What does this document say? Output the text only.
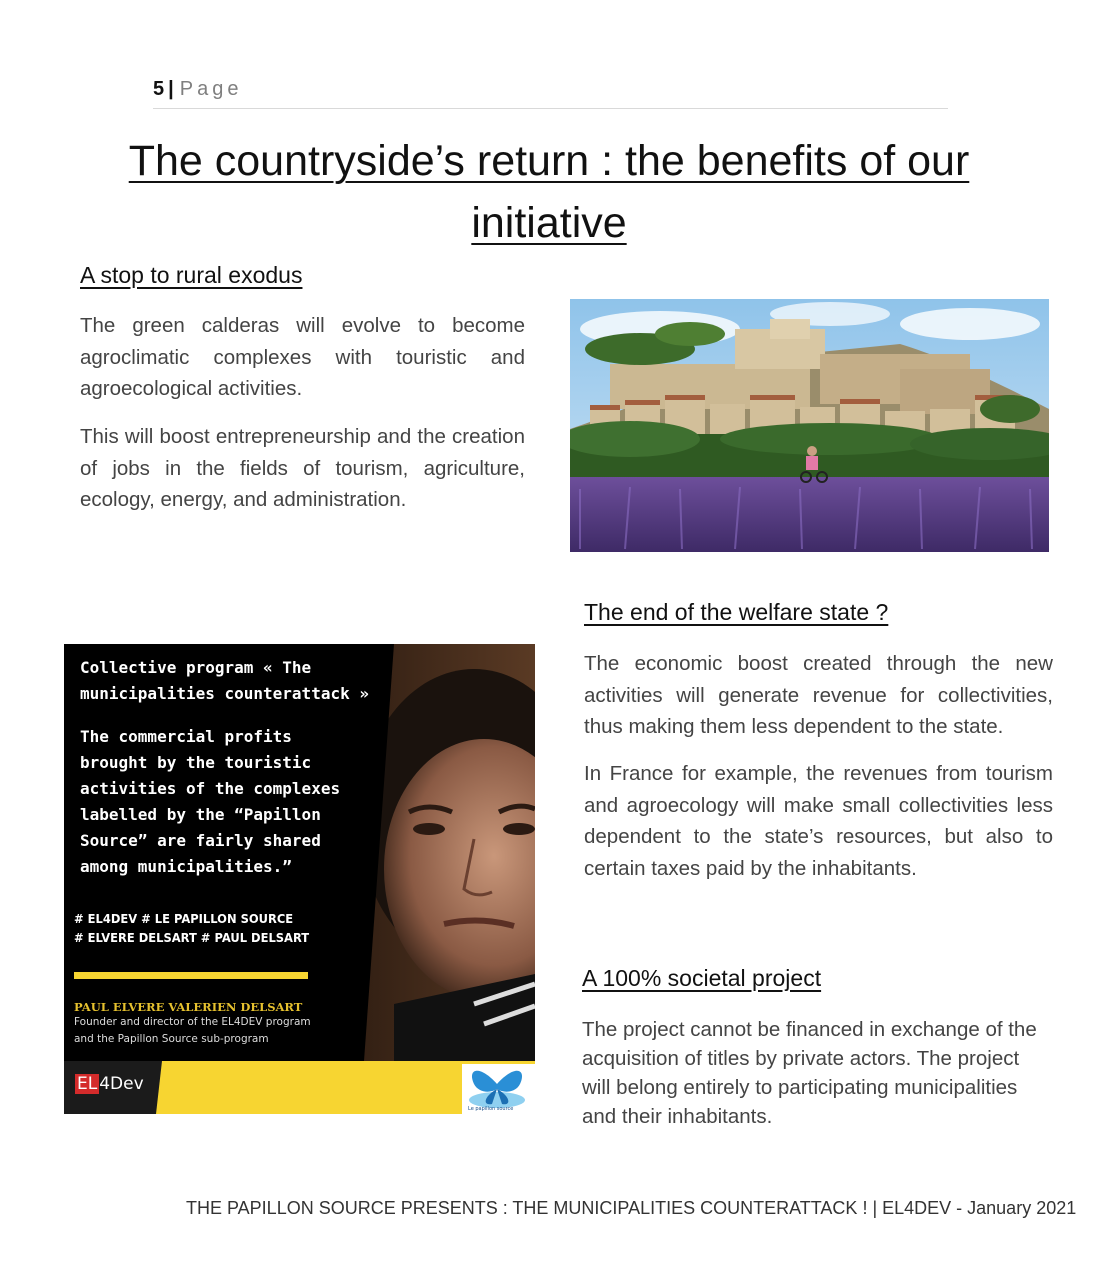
5 | Page
The countryside’s return : the benefits of our initiative
A stop to rural exodus

The green calderas will evolve to become agroclimatic complexes with touristic and agroecological activities.

This will boost entrepreneurship and the creation of jobs in the fields of tourism, agriculture, ecology, energy, and administration.

The end of the welfare state ?

The economic boost created through the new activities will generate revenue for collectivities, thus making them less dependent to the state.

In France for example, the revenues from tourism and agroecology will make small collectivities less dependent to the state’s resources, but also to certain taxes paid by the inhabitants.

A 100% societal project

The project cannot be financed in exchange of the acquisition of titles by private actors. The project will belong entirely to participating municipalities and their inhabitants.

Collective program « The
municipalities counterattack »
The commercial profits
brought by the touristic
activities of the complexes
labelled by the “Papillon
Source” are fairly shared
among municipalities.”
# EL4DEV # LE PAPILLON SOURCE
# ELVERE DELSART # PAUL DELSART
PAUL ELVERE VALERIEN DELSART
Founder and director of the EL4DEV program
and the Papillon Source sub-program
EL 4Dev
Le papillon source
THE PAPILLON SOURCE PRESENTS : THE MUNICIPALITIES COUNTERATTACK ! | EL4DEV - January 2021
